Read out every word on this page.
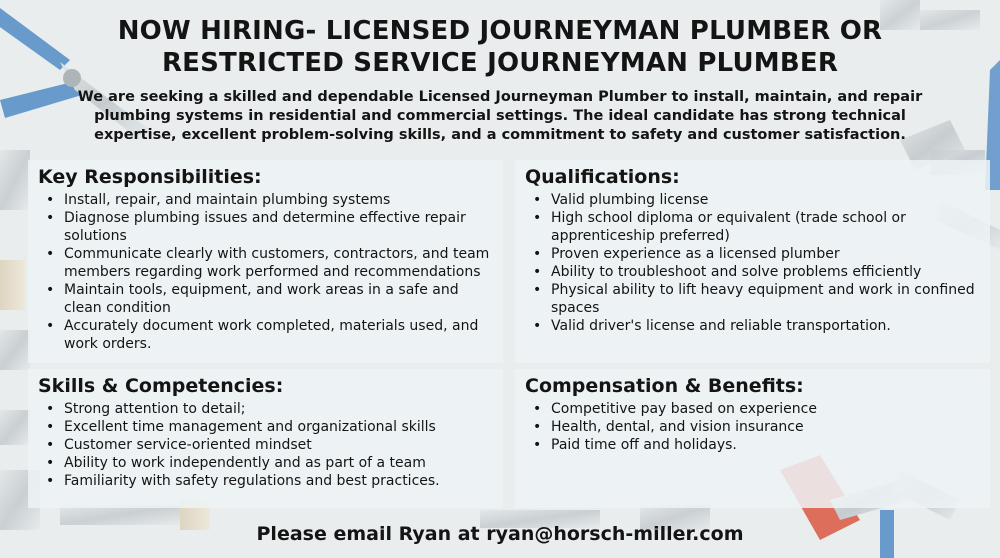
NOW HIRING- LICENSED JOURNEYMAN PLUMBER OR
RESTRICTED SERVICE JOURNEYMAN PLUMBER

We are seeking a skilled and dependable Licensed Journeyman Plumber to install, maintain, and repair plumbing systems in residential and commercial settings. The ideal candidate has strong technical expertise, excellent problem-solving skills, and a commitment to safety and customer satisfaction.

Key Responsibilities:
• Install, repair, and maintain plumbing systems
• Diagnose plumbing issues and determine effective repair solutions
• Communicate clearly with customers, contractors, and team members regarding work performed and recommendations
• Maintain tools, equipment, and work areas in a safe and clean condition
• Accurately document work completed, materials used, and work orders.
Qualifications:
• Valid plumbing license
• High school diploma or equivalent (trade school or apprenticeship preferred)
• Proven experience as a licensed plumber
• Ability to troubleshoot and solve problems efficiently
• Physical ability to lift heavy equipment and work in confined spaces
• Valid driver's license and reliable transportation.
Skills & Competencies:
• Strong attention to detail;
• Excellent time management and organizational skills
• Customer service-oriented mindset
• Ability to work independently and as part of a team
• Familiarity with safety regulations and best practices.
Compensation & Benefits:
• Competitive pay based on experience
• Health, dental, and vision insurance
• Paid time off and holidays.

Please email Ryan at ryan@horsch-miller.com
